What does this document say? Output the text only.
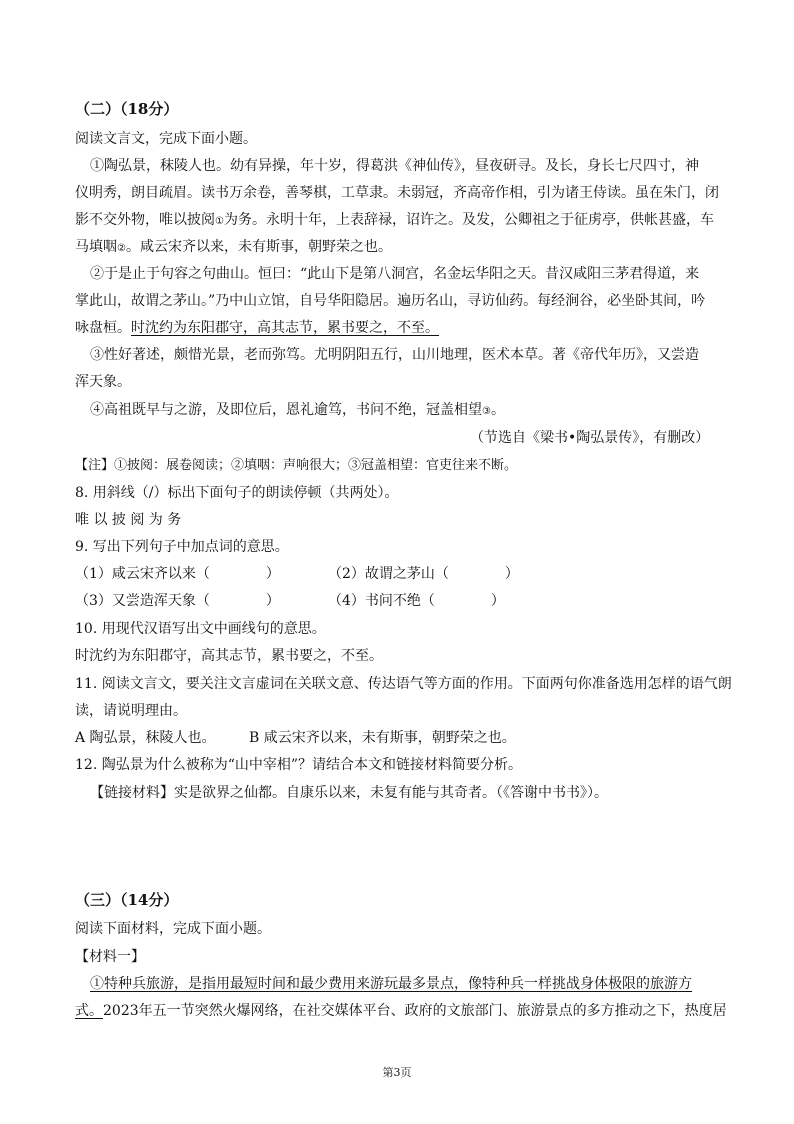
（二）（18分）
阅读文言文，完成下面小题。
①陶弘景，秣陵人也。幼有异操，年十岁，得葛洪《神仙传》，昼夜研寻。及长，身长七尺四寸，神
仪明秀，朗目疏眉。读书万余卷，善琴棋，工草隶。未弱冠，齐高帝作相，引为诸王侍读。虽在朱门，闭
影不交外物，唯以披阅①为务。永明十年，上表辞禄，诏许之。及发，公卿祖之于征虏亭，供帐甚盛，车
马填咽②。咸云宋齐以来，未有斯事，朝野荣之也。
②于是止于句容之句曲山。恒曰：“此山下是第八洞宫，名金坛华阳之天。昔汉咸阳三茅君得道，来
掌此山，故谓之茅山。”乃中山立馆，自号华阳隐居。遍历名山，寻访仙药。每经涧谷，必坐卧其间，吟
咏盘桓。时沈约为东阳郡守，高其志节，累书要之，不至。
③性好著述，颇惜光景，老而弥笃。尤明阴阳五行，山川地理，医术本草。著《帝代年历》，又尝造
浑天象。
④高祖既早与之游，及即位后，恩礼逾笃，书问不绝，冠盖相望③。
（节选自《梁书•陶弘景传》，有删改）
【注】①披阅：展卷阅读；②填咽：声响很大；③冠盖相望：官吏往来不断。
8. 用斜线（/）标出下面句子的朗读停顿（共两处）。
唯 以 披 阅 为 务
9. 写出下列句子中加点词的意思。
（1）咸云宋齐以来（　　　　）	（2）故谓之茅山（　　　　）
（3）又尝造浑天象（　　　　）	（4）书问不绝（　　　　）
10. 用现代汉语写出文中画线句的意思。
时沈约为东阳郡守，高其志节，累书要之，不至。
11. 阅读文言文，要关注文言虚词在关联文意、传达语气等方面的作用。下面两句你准备选用怎样的语气朗
读，请说明理由。
A 陶弘景，秣陵人也。 B 咸云宋齐以来，未有斯事，朝野荣之也。
12. 陶弘景为什么被称为“山中宰相”？请结合本文和链接材料简要分析。
【链接材料】实是欲界之仙都。自康乐以来，未复有能与其奇者。（《答谢中书书》）。
（三）（14分）
阅读下面材料，完成下面小题。
【材料一】
①特种兵旅游，是指用最短时间和最少费用来游玩最多景点，像特种兵一样挑战身体极限的旅游方
式。2023年五一节突然火爆网络，在社交媒体平台、政府的文旅部门、旅游景点的多方推动之下，热度居
第3页
